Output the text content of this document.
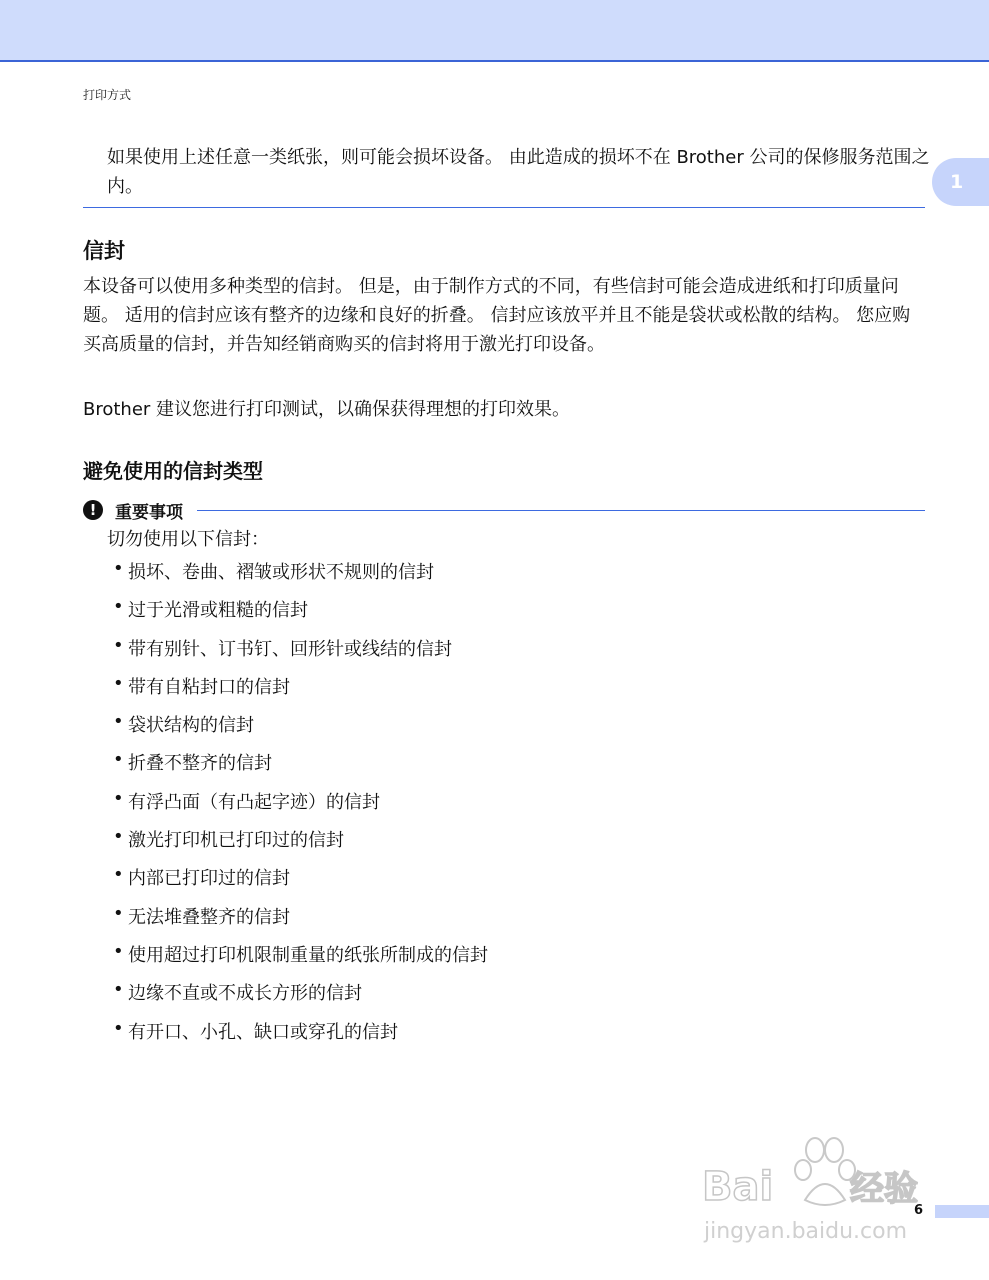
打印方式
如果使用上述任意一类纸张，则可能会损坏设备。 由此造成的损坏不在 Brother 公司的保修服务范围之内。	1
信封
本设备可以使用多种类型的信封。 但是，由于制作方式的不同，有些信封可能会造成进纸和打印质量问题。 适用的信封应该有整齐的边缘和良好的折叠。 信封应该放平并且不能是袋状或松散的结构。 您应购买高质量的信封，并告知经销商购买的信封将用于激光打印设备。
Brother 建议您进行打印测试，以确保获得理想的打印效果。
避免使用的信封类型
!	重要事项
切勿使用以下信封：
• 损坏、卷曲、褶皱或形状不规则的信封
• 过于光滑或粗糙的信封
• 带有别针、订书钉、回形针或线结的信封
• 带有自粘封口的信封
• 袋状结构的信封
• 折叠不整齐的信封
• 有浮凸面（有凸起字迹）的信封
• 激光打印机已打印过的信封
• 内部已打印过的信封
• 无法堆叠整齐的信封
• 使用超过打印机限制重量的纸张所制成的信封
• 边缘不直或不成长方形的信封
• 有开口、小孔、缺口或穿孔的信封
Bai 经验
jingyan.baidu.com
6
